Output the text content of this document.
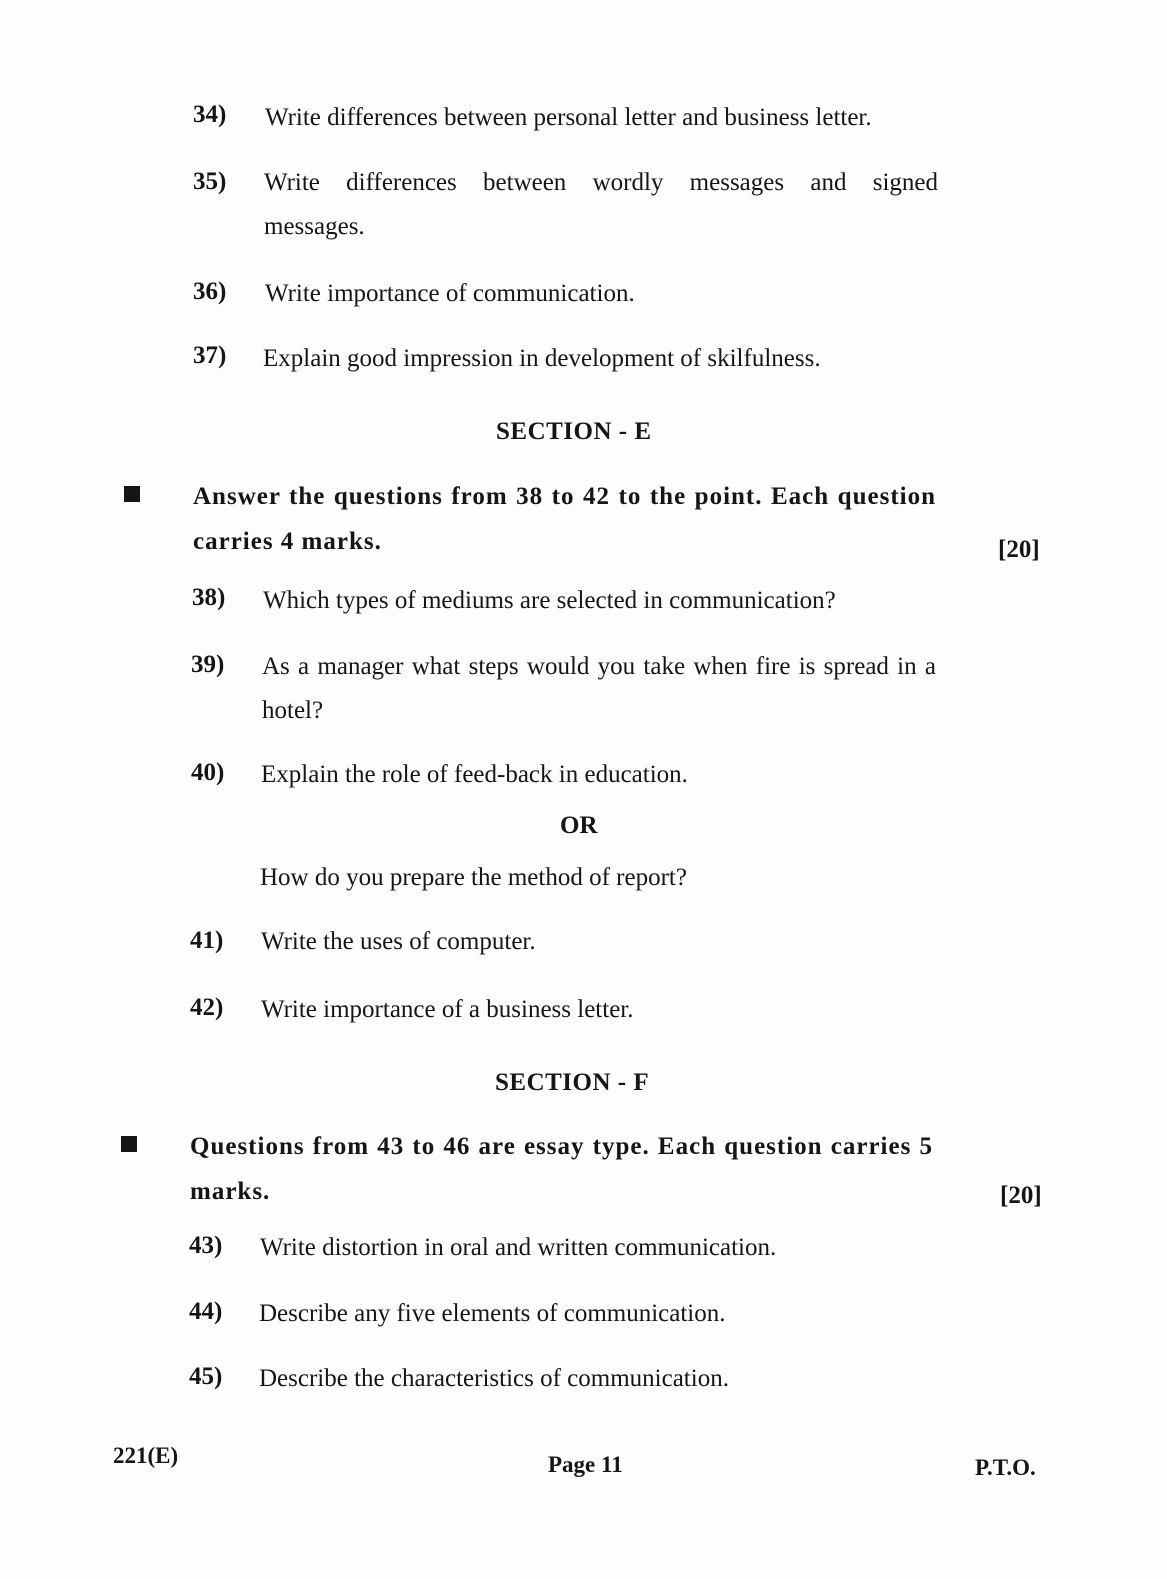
34) Write differences between personal letter and business letter.
35) Write differences between wordly messages and signed messages.
36) Write importance of communication.
37) Explain good impression in development of skilfulness.
SECTION - E
Answer the questions from 38 to 42 to the point. Each question carries 4 marks.	[20]
38) Which types of mediums are selected in communication?
39) As a manager what steps would you take when fire is spread in a hotel?
40) Explain the role of feed-back in education.
OR
How do you prepare the method of report?
41) Write the uses of computer.
42) Write importance of a business letter.
SECTION - F
Questions from 43 to 46 are essay type. Each question carries 5 marks.	[20]
43) Write distortion in oral and written communication.
44) Describe any five elements of communication.
45) Describe the characteristics of communication.
221(E)	Page 11	P.T.O.
